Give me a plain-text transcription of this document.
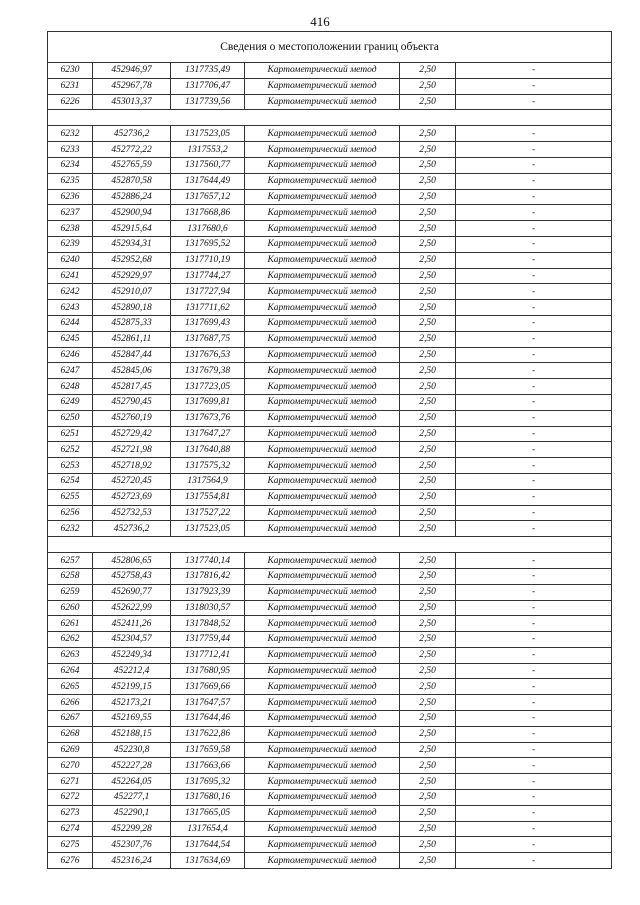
416
Сведения о местоположении границ объекта					
6230	452946,97	1317735,49	Картометрический метод	2,50	-
6231	452967,78	1317706,47	Картометрический метод	2,50	-
6226	453013,37	1317739,56	Картометрический метод	2,50	-

6232	452736,2	1317523,05	Картометрический метод	2,50	-
6233	452772,22	1317553,2	Картометрический метод	2,50	-
6234	452765,59	1317560,77	Картометрический метод	2,50	-
6235	452870,58	1317644,49	Картометрический метод	2,50	-
6236	452886,24	1317657,12	Картометрический метод	2,50	-
6237	452900,94	1317668,86	Картометрический метод	2,50	-
6238	452915,64	1317680,6	Картометрический метод	2,50	-
6239	452934,31	1317695,52	Картометрический метод	2,50	-
6240	452952,68	1317710,19	Картометрический метод	2,50	-
6241	452929,97	1317744,27	Картометрический метод	2,50	-
6242	452910,07	1317727,94	Картометрический метод	2,50	-
6243	452890,18	1317711,62	Картометрический метод	2,50	-
6244	452875,33	1317699,43	Картометрический метод	2,50	-
6245	452861,11	1317687,75	Картометрический метод	2,50	-
6246	452847,44	1317676,53	Картометрический метод	2,50	-
6247	452845,06	1317679,38	Картометрический метод	2,50	-
6248	452817,45	1317723,05	Картометрический метод	2,50	-
6249	452790,45	1317699,81	Картометрический метод	2,50	-
6250	452760,19	1317673,76	Картометрический метод	2,50	-
6251	452729,42	1317647,27	Картометрический метод	2,50	-
6252	452721,98	1317640,88	Картометрический метод	2,50	-
6253	452718,92	1317575,32	Картометрический метод	2,50	-
6254	452720,45	1317564,9	Картометрический метод	2,50	-
6255	452723,69	1317554,81	Картометрический метод	2,50	-
6256	452732,53	1317527,22	Картометрический метод	2,50	-
6232	452736,2	1317523,05	Картометрический метод	2,50	-

6257	452806,65	1317740,14	Картометрический метод	2,50	-
6258	452758,43	1317816,42	Картометрический метод	2,50	-
6259	452690,77	1317923,39	Картометрический метод	2,50	-
6260	452622,99	1318030,57	Картометрический метод	2,50	-
6261	452411,26	1317848,52	Картометрический метод	2,50	-
6262	452304,57	1317759,44	Картометрический метод	2,50	-
6263	452249,34	1317712,41	Картометрический метод	2,50	-
6264	452212,4	1317680,95	Картометрический метод	2,50	-
6265	452199,15	1317669,66	Картометрический метод	2,50	-
6266	452173,21	1317647,57	Картометрический метод	2,50	-
6267	452169,55	1317644,46	Картометрический метод	2,50	-
6268	452188,15	1317622,86	Картометрический метод	2,50	-
6269	452230,8	1317659,58	Картометрический метод	2,50	-
6270	452227,28	1317663,66	Картометрический метод	2,50	-
6271	452264,05	1317695,32	Картометрический метод	2,50	-
6272	452277,1	1317680,16	Картометрический метод	2,50	-
6273	452290,1	1317665,05	Картометрический метод	2,50	-
6274	452299,28	1317654,4	Картометрический метод	2,50	-
6275	452307,76	1317644,54	Картометрический метод	2,50	-
6276	452316,24	1317634,69	Картометрический метод	2,50	-
